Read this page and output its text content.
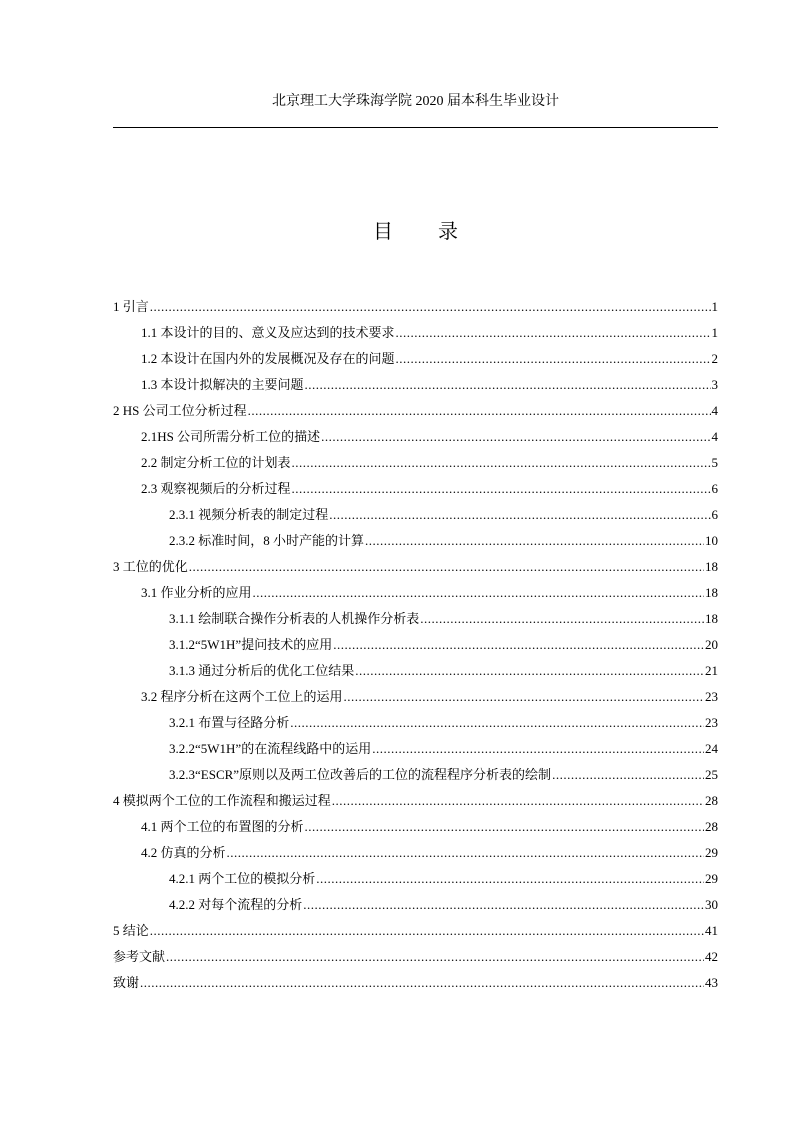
北京理工大学珠海学院 2020 届本科生毕业设计
目 录
1 引言 .....	1
1.1 本设计的目的、意义及应达到的技术要求 .....	1
1.2 本设计在国内外的发展概况及存在的问题 .....	2
1.3 本设计拟解决的主要问题 .....	3
2 HS 公司工位分析过程 .....	4
2.1HS 公司所需分析工位的描述 .....	4
2.2 制定分析工位的计划表 .....	5
2.3 观察视频后的分析过程 .....	6
2.3.1 视频分析表的制定过程 .....	6
2.3.2 标准时间，8 小时产能的计算 .....	10
3 工位的优化 .....	18
3.1 作业分析的应用 .....	18
3.1.1 绘制联合操作分析表的人机操作分析表 .....	18
3.1.2“5W1H”提问技术的应用 .....	20
3.1.3 通过分析后的优化工位结果 .....	21
3.2 程序分析在这两个工位上的运用 .....	23
3.2.1 布置与径路分析 .....	23
3.2.2“5W1H”的在流程线路中的运用 .....	24
3.2.3“ESCR”原则以及两工位改善后的工位的流程程序分析表的绘制 .....	25
4 模拟两个工位的工作流程和搬运过程 .....	28
4.1 两个工位的布置图的分析 .....	28
4.2 仿真的分析 .....	29
4.2.1 两个工位的模拟分析 .....	29
4.2.2 对每个流程的分析 .....	30
5 结论 .....	41
参考文献 .....	42
致谢 .....	43
